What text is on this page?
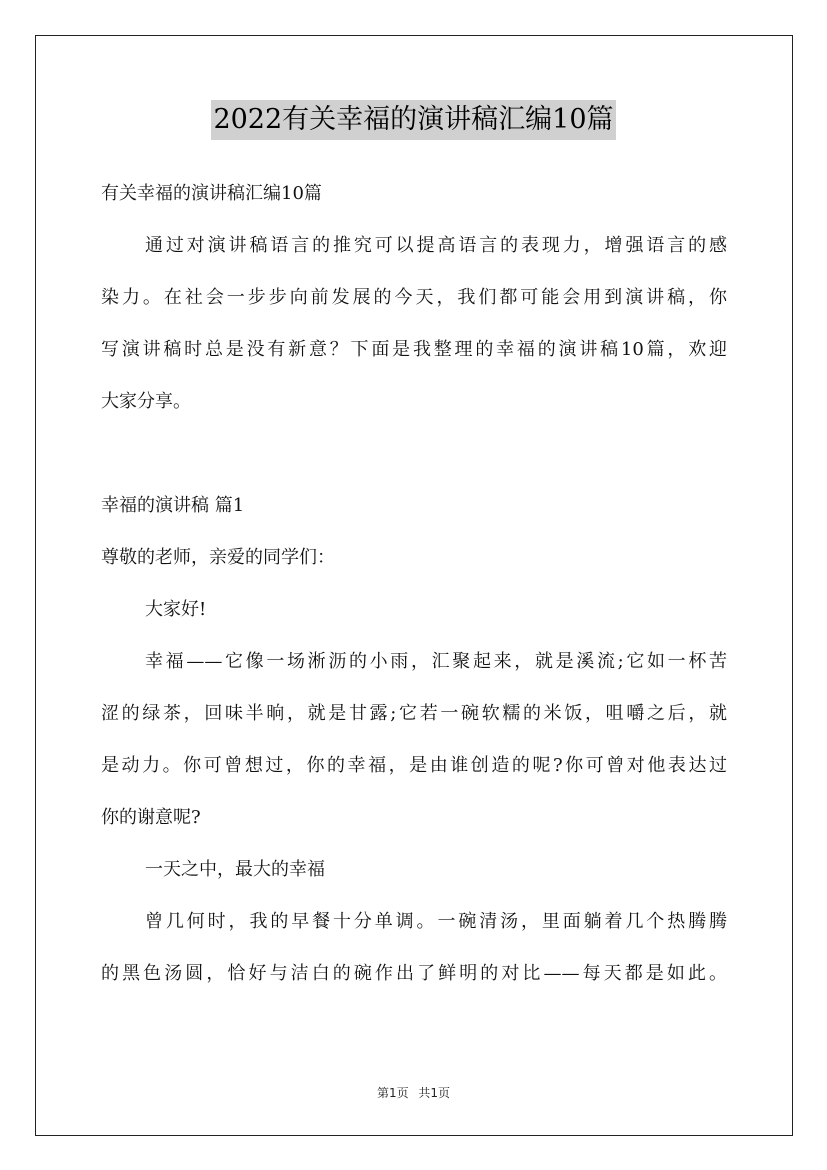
2022有关幸福的演讲稿汇编10篇
有关幸福的演讲稿汇编10篇
通过对演讲稿语言的推究可以提高语言的表现力，增强语言的感
染力。在社会一步步向前发展的今天，我们都可能会用到演讲稿，你
写演讲稿时总是没有新意？下面是我整理的幸福的演讲稿10篇，欢迎
大家分享。
幸福的演讲稿 篇1
尊敬的老师，亲爱的同学们：
大家好!
幸福——它像一场淅沥的小雨，汇聚起来，就是溪流;它如一杯苦
涩的绿茶，回味半晌，就是甘露;它若一碗软糯的米饭，咀嚼之后，就
是动力。你可曾想过，你的幸福，是由谁创造的呢?你可曾对他表达过
你的谢意呢?
一天之中，最大的幸福
曾几何时，我的早餐十分单调。一碗清汤，里面躺着几个热腾腾
的黑色汤圆，恰好与洁白的碗作出了鲜明的对比——每天都是如此。
第1页 共1页
